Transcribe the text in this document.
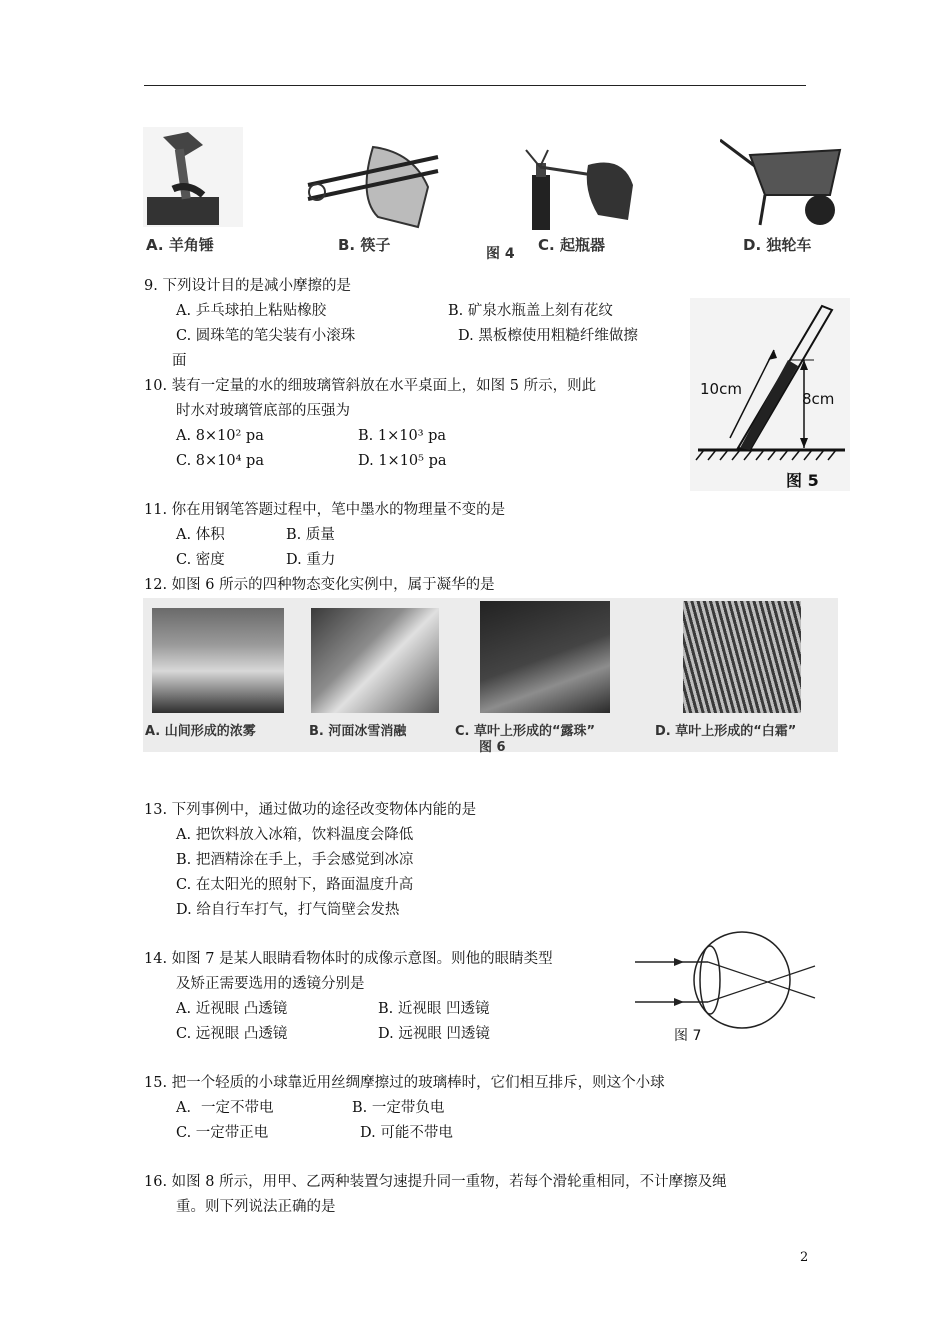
A. 羊角锤	B. 筷子	图 4 C. 起瓶器	D. 独轮车
9. 下列设计目的是减小摩擦的是
A. 乒乓球拍上粘贴橡胶	B. 矿泉水瓶盖上刻有花纹
C. 圆珠笔的笔尖装有小滚珠	D. 黑板檫使用粗糙纤维做擦
面
10cm
8cm
图 5
10. 装有一定量的水的细玻璃管斜放在水平桌面上，如图 5 所示，则此
时水对玻璃管底部的压强为
A. 8×10² pa	B. 1×10³ pa
C. 8×10⁴ pa	D. 1×10⁵ pa
11. 你在用钢笔答题过程中，笔中墨水的物理量不变的是
A. 体积	B. 质量
C. 密度	D. 重力
12. 如图 6 所示的四种物态变化实例中，属于凝华的是
A. 山间形成的浓雾	B. 河面冰雪消融	C. 草叶上形成的“露珠”	D. 草叶上形成的“白霜”
图 6
13. 下列事例中，通过做功的途径改变物体内能的是
A. 把饮料放入冰箱，饮料温度会降低
B. 把酒精涂在手上，手会感觉到冰凉
C. 在太阳光的照射下，路面温度升高
D. 给自行车打气，打气筒壁会发热
14. 如图 7 是某人眼睛看物体时的成像示意图。则他的眼睛类型
及矫正需要选用的透镜分别是
A. 近视眼 凸透镜	B. 近视眼 凹透镜
C. 远视眼 凸透镜	D. 远视眼 凹透镜	图 7
15. 把一个轻质的小球靠近用丝绸摩擦过的玻璃棒时，它们相互排斥，则这个小球
A．一定不带电	B. 一定带负电
C. 一定带正电	D. 可能不带电
16. 如图 8 所示，用甲、乙两种装置匀速提升同一重物，若每个滑轮重相同，不计摩擦及绳
重。则下列说法正确的是
2
